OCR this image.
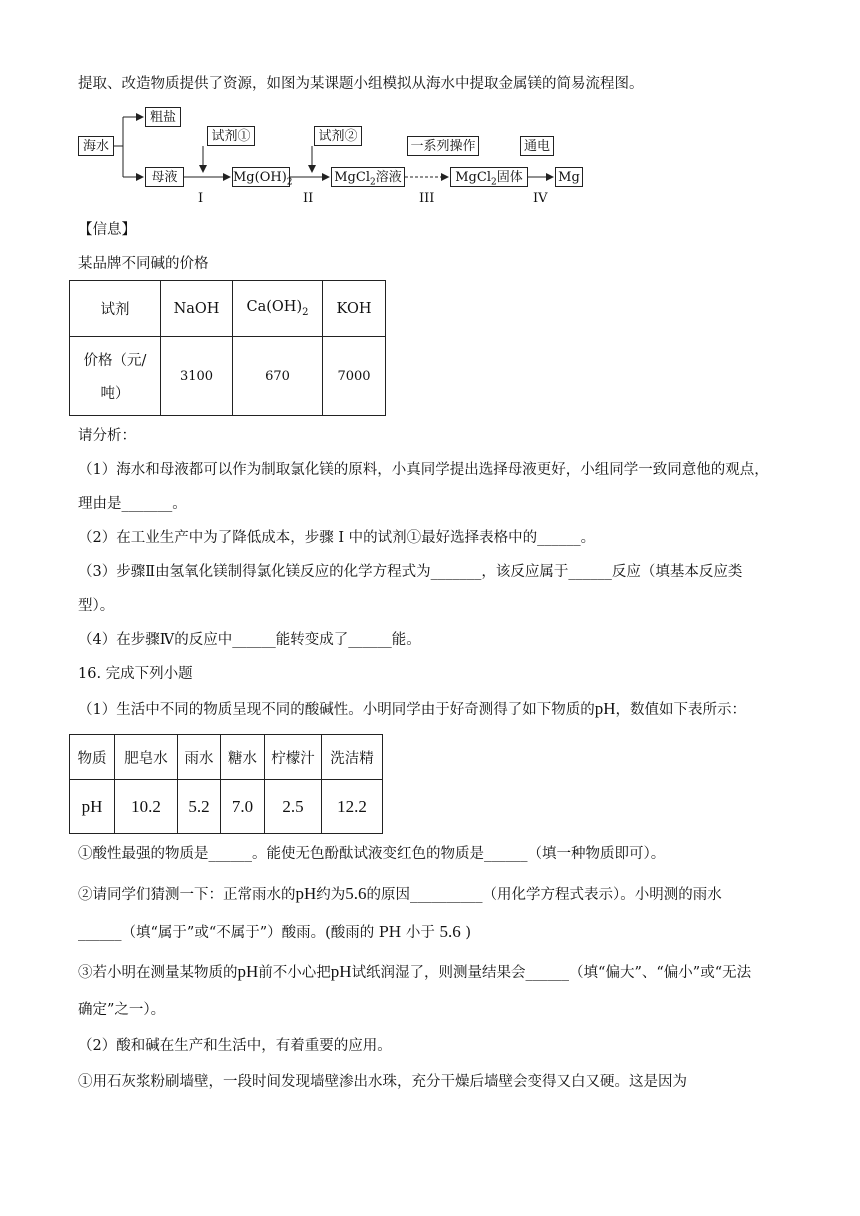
提取、改造物质提供了资源，如图为某课题小组模拟从海水中提取金属镁的简易流程图。
海水
粗盐
母液	$Mg(OH)_2$	MgCl$_2$溶液	MgCl$_2$固体	Mg
试剂①	试剂②
一系列操作	通电
I	II	III	IV
【信息】
某品牌不同碱的价格
试剂	NaOH	$Ca(OH)_2$	KOH

价格（元/
吨）	3100	670	7000
请分析：
（1）海水和母液都可以作为制取氯化镁的原料，小真同学提出选择母液更好，小组同学一致同意他的观点，
理由是_______。
（2）在工业生产中为了降低成本，步骤 I 中的试剂①最好选择表格中的______。
（3）步骤Ⅱ由氢氧化镁制得氯化镁反应的化学方程式为_______，该反应属于______反应（填基本反应类
型）。
（4）在步骤Ⅳ的反应中______能转变成了______能。
16. 完成下列小题
（1）生活中不同的物质呈现不同的酸碱性。小明同学由于好奇测得了如下物质的pH，数值如下表所示：
物质	肥皂水	雨水	糖水	柠檬汁	洗洁精
pH	10.2	5.2	7.0	2.5	12.2
①酸性最强的物质是______。能使无色酚酞试液变红色的物质是______（填一种物质即可）。
②请同学们猜测一下：正常雨水的pH约为5.6的原因__________（用化学方程式表示）。小明测的雨水
______（填“属于”或“不属于”）酸雨。(酸雨的 PH 小于 5.6 )
③若小明在测量某物质的pH前不小心把pH试纸润湿了，则测量结果会______（填“偏大”、“偏小”或“无法
确定”之一）。
（2）酸和碱在生产和生活中，有着重要的应用。
①用石灰浆粉刷墙壁，一段时间发现墙壁渗出水珠，充分干燥后墙壁会变得又白又硬。这是因为
